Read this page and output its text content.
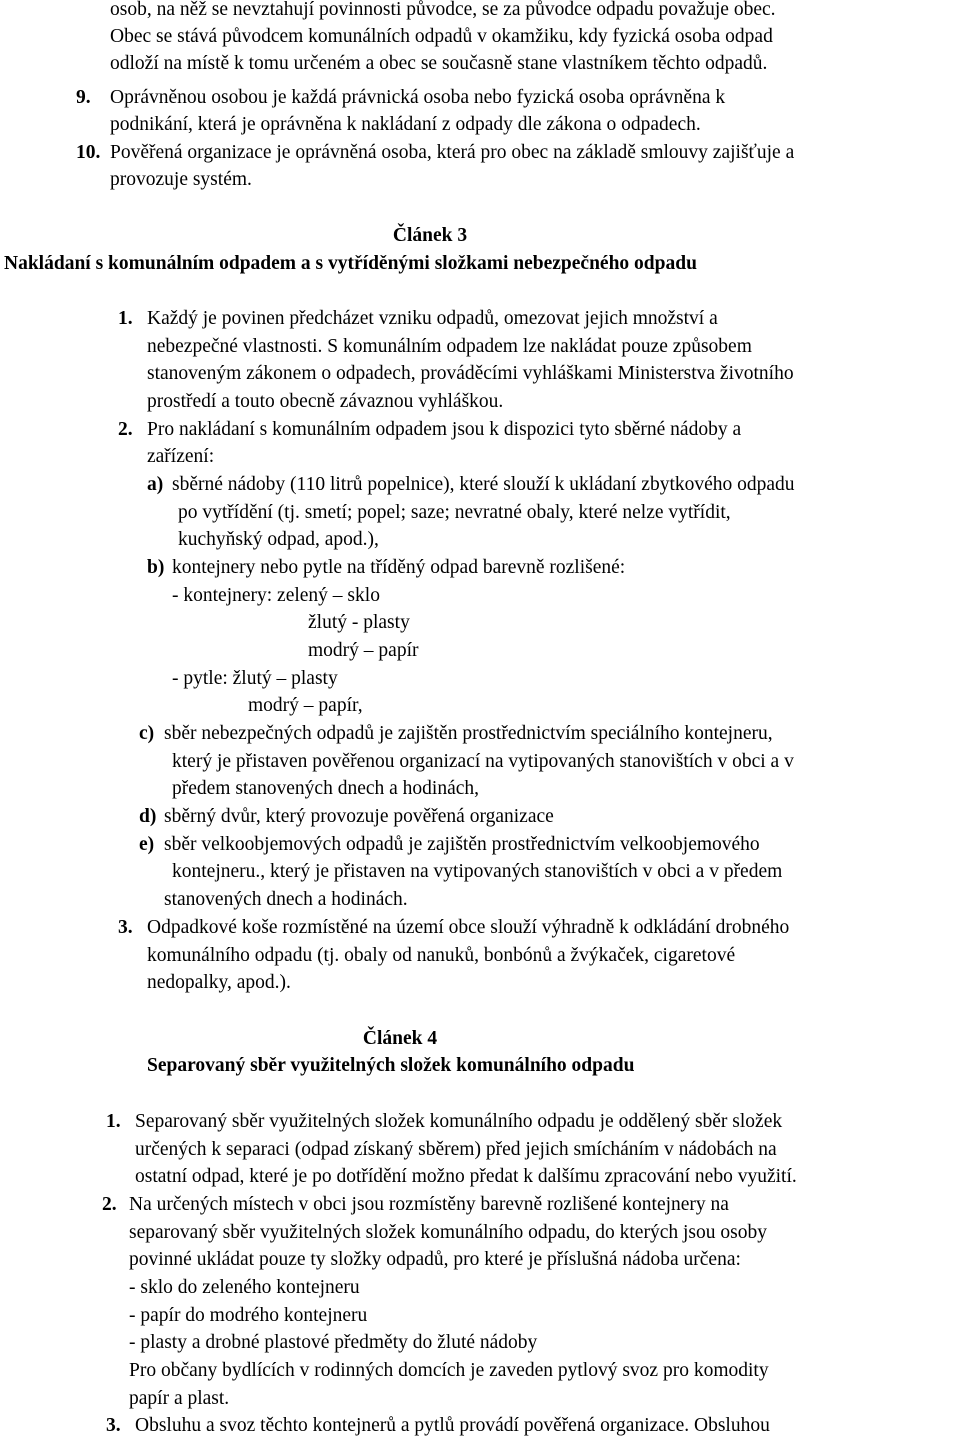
osob, na něž se nevztahují povinnosti původce, se za původce odpadu považuje obec.
Obec se stává původcem komunálních odpadů v okamžiku, kdy fyzická osoba odpad
odloží na místě k tomu určeném a obec se současně stane vlastníkem těchto odpadů.
9. Oprávněnou osobou je každá právnická osoba nebo fyzická osoba oprávněna k
podnikání, která je oprávněna k nakládaní z odpady dle zákona o odpadech.
10. Pověřená organizace je oprávněná osoba, která pro obec na základě smlouvy zajišťuje a
provozuje systém.
Článek 3
Nakládaní s komunálním odpadem a s vytříděnými složkami nebezpečného odpadu
1. Každý je povinen předcházet vzniku odpadů, omezovat jejich množství a
nebezpečné vlastnosti. S komunálním odpadem lze nakládat pouze způsobem
stanoveným zákonem o odpadech, prováděcími vyhláškami Ministerstva životního
prostředí a touto obecně závaznou vyhláškou.
2. Pro nakládaní s komunálním odpadem jsou k dispozici tyto sběrné nádoby a
zařízení:
a) sběrné nádoby (110 litrů popelnice), které slouží k ukládaní zbytkového odpadu
po vytřídění (tj. smetí; popel; saze; nevratné obaly, které nelze vytřídit,
kuchyňský odpad, apod.),
b) kontejnery nebo pytle na tříděný odpad barevně rozlišené:
- kontejnery: zelený – sklo
žlutý - plasty
modrý – papír
- pytle: žlutý – plasty
modrý – papír,
c) sběr nebezpečných odpadů je zajištěn prostřednictvím speciálního kontejneru,
který je přistaven pověřenou organizací na vytipovaných stanovištích v obci a v
předem stanovených dnech a hodinách,
d) sběrný dvůr, který provozuje pověřená organizace
e) sběr velkoobjemových odpadů je zajištěn prostřednictvím velkoobjemového
kontejneru., který je přistaven na vytipovaných stanovištích v obci a v předem
stanovených dnech a hodinách.
3. Odpadkové koše rozmístěné na území obce slouží výhradně k odkládání drobného
komunálního odpadu (tj. obaly od nanuků, bonbónů a žvýkaček, cigaretové
nedopalky, apod.).
Článek 4
Separovaný sběr využitelných složek komunálního odpadu
1. Separovaný sběr využitelných složek komunálního odpadu je oddělený sběr složek
určených k separaci (odpad získaný sběrem) před jejich smícháním v nádobách na
ostatní odpad, které je po dotřídění možno předat k dalšímu zpracování nebo využití.
2. Na určených místech v obci jsou rozmístěny barevně rozlišené kontejnery na
separovaný sběr využitelných složek komunálního odpadu, do kterých jsou osoby
povinné ukládat pouze ty složky odpadů, pro které je příslušná nádoba určena:
- sklo do zeleného kontejneru
- papír do modrého kontejneru
- plasty a drobné plastové předměty do žluté nádoby
Pro občany bydlících v rodinných domcích je zaveden pytlový svoz pro komodity
papír a plast.
3. Obsluhu a svoz těchto kontejnerů a pytlů provádí pověřená organizace. Obsluhou
